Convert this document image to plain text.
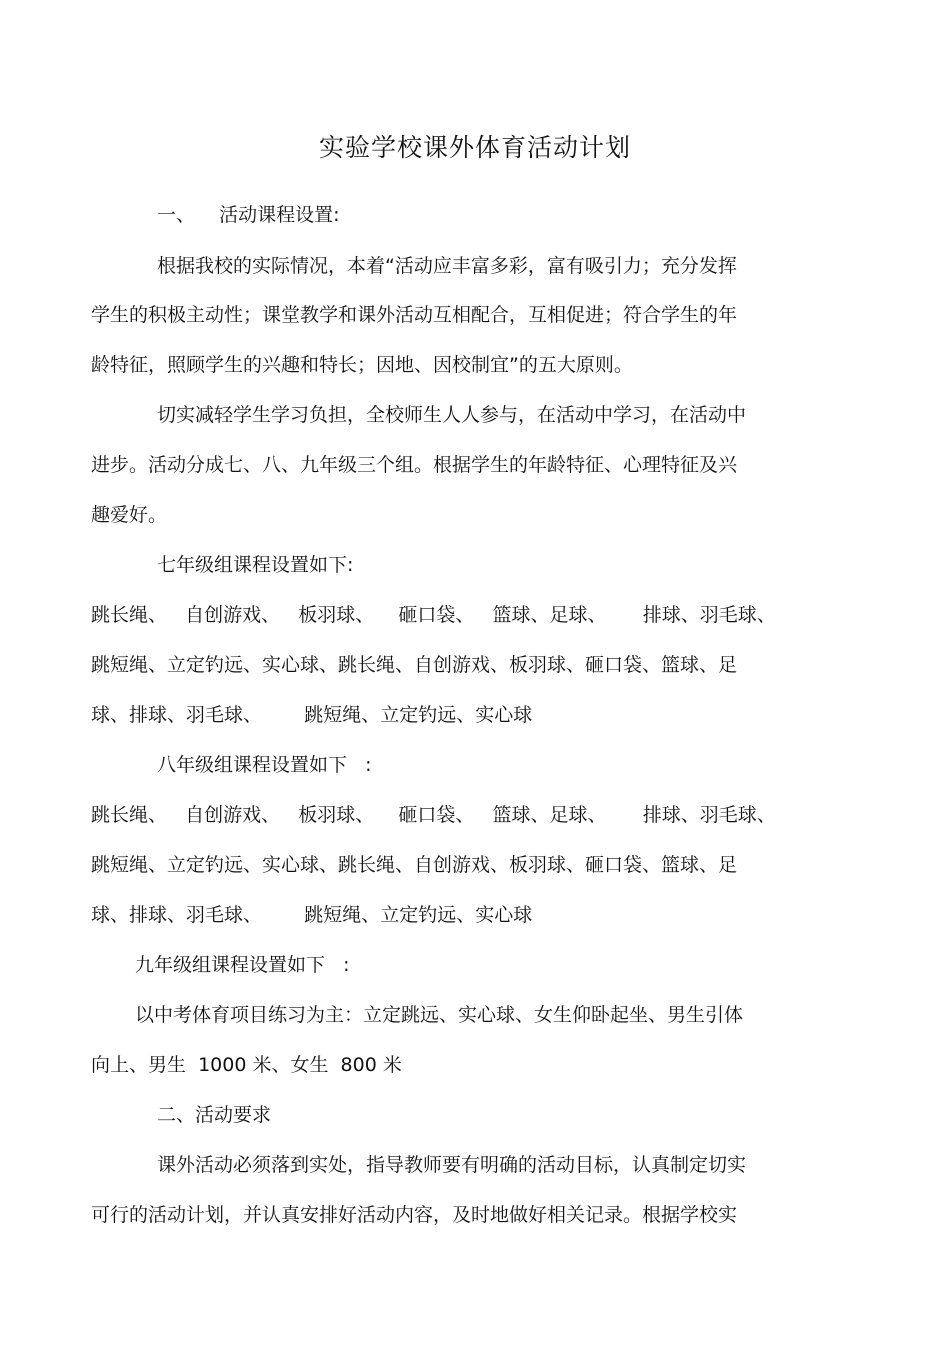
实验学校课外体育活动计划
一、    活动课程设置:
根据我校的实际情况，本着“活动应丰富多彩，富有吸引力；充分发挥
学生的积极主动性；课堂教学和课外活动互相配合，互相促进；符合学生的年
龄特征，照顾学生的兴趣和特长；因地、因校制宜”的五大原则。
切实减轻学生学习负担，全校师生人人参与，在活动中学习，在活动中
进步。活动分成七、八、九年级三个组。根据学生的年龄特征、心理特征及兴
趣爱好。
七年级组课程设置如下:
跳长绳、   自创游戏、   板羽球、    砸口袋、   篮球、足球、      排球、羽毛球、
跳短绳、立定钓远、实心球、跳长绳、自创游戏、板羽球、砸口袋、篮球、足
球、排球、羽毛球、       跳短绳、立定钓远、实心球
八年级组课程设置如下   :
跳长绳、   自创游戏、   板羽球、    砸口袋、   篮球、足球、      排球、羽毛球、
跳短绳、立定钓远、实心球、跳长绳、自创游戏、板羽球、砸口袋、篮球、足
球、排球、羽毛球、       跳短绳、立定钓远、实心球
九年级组课程设置如下   :
以中考体育项目练习为主：立定跳远、实心球、女生仰卧起坐、男生引体
向上、男生  1000 米、女生  800 米
二、活动要求
课外活动必须落到实处，指导教师要有明确的活动目标，认真制定切实
可行的活动计划，并认真安排好活动内容，及时地做好相关记录。根据学校实
